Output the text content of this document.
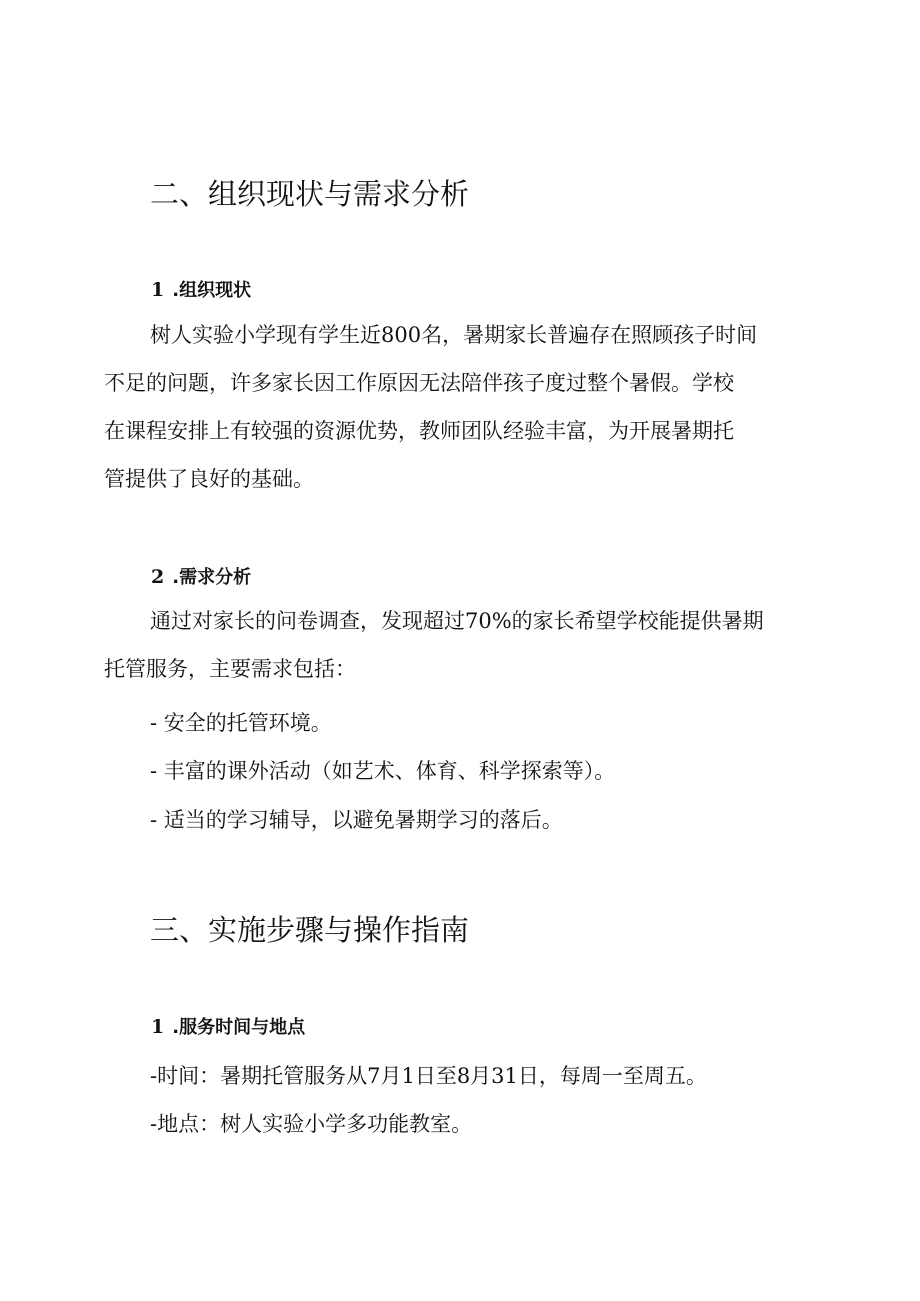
二、组织现状与需求分析
1 .组织现状
树人实验小学现有学生近800名，暑期家长普遍存在照顾孩子时间
不足的问题，许多家长因工作原因无法陪伴孩子度过整个暑假。学校
在课程安排上有较强的资源优势，教师团队经验丰富，为开展暑期托
管提供了良好的基础。
2 .需求分析
通过对家长的问卷调查，发现超过70%的家长希望学校能提供暑期
托管服务，主要需求包括：

- 安全的托管环境。

- 丰富的课外活动（如艺术、体育、科学探索等）。

- 适当的学习辅导，以避免暑期学习的落后。

三、实施步骤与操作指南
1 .服务时间与地点

-时间：暑期托管服务从7月1日至8月31日，每周一至周五。

-地点：树人实验小学多功能教室。
